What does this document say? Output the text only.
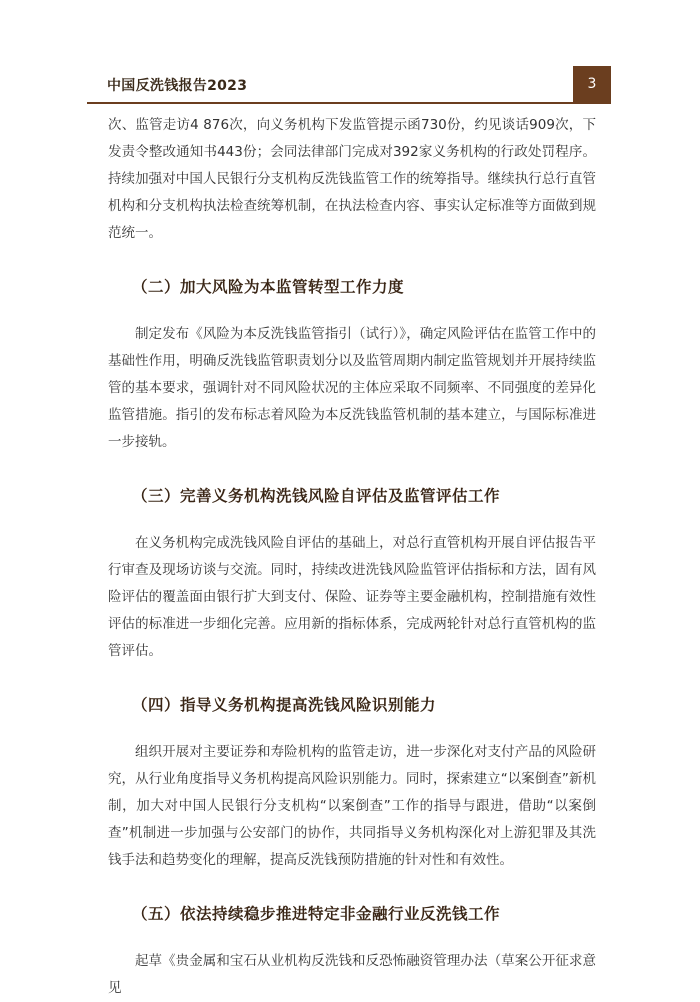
中国反洗钱报告2023	3

次、监管走访4 876次，向义务机构下发监管提示函730份，约见谈话909次，下发责令整改通知书443份；会同法律部门完成对392家义务机构的行政处罚程序。持续加强对中国人民银行分支机构反洗钱监管工作的统筹指导。继续执行总行直管机构和分支机构执法检查统筹机制，在执法检查内容、事实认定标准等方面做到规范统一。

（二）加大风险为本监管转型工作力度

制定发布《风险为本反洗钱监管指引（试行）》，确定风险评估在监管工作中的基础性作用，明确反洗钱监管职责划分以及监管周期内制定监管规划并开展持续监管的基本要求，强调针对不同风险状况的主体应采取不同频率、不同强度的差异化监管措施。指引的发布标志着风险为本反洗钱监管机制的基本建立，与国际标准进一步接轨。

（三）完善义务机构洗钱风险自评估及监管评估工作

在义务机构完成洗钱风险自评估的基础上，对总行直管机构开展自评估报告平行审查及现场访谈与交流。同时，持续改进洗钱风险监管评估指标和方法，固有风险评估的覆盖面由银行扩大到支付、保险、证券等主要金融机构，控制措施有效性评估的标准进一步细化完善。应用新的指标体系，完成两轮针对总行直管机构的监管评估。

（四）指导义务机构提高洗钱风险识别能力

组织开展对主要证券和寿险机构的监管走访，进一步深化对支付产品的风险研究，从行业角度指导义务机构提高风险识别能力。同时，探索建立“以案倒查”新机制，加大对中国人民银行分支机构“以案倒查”工作的指导与跟进，借助“以案倒查”机制进一步加强与公安部门的协作，共同指导义务机构深化对上游犯罪及其洗钱手法和趋势变化的理解，提高反洗钱预防措施的针对性和有效性。

（五）依法持续稳步推进特定非金融行业反洗钱工作

起草《贵金属和宝石从业机构反洗钱和反恐怖融资管理办法（草案公开征求意见
